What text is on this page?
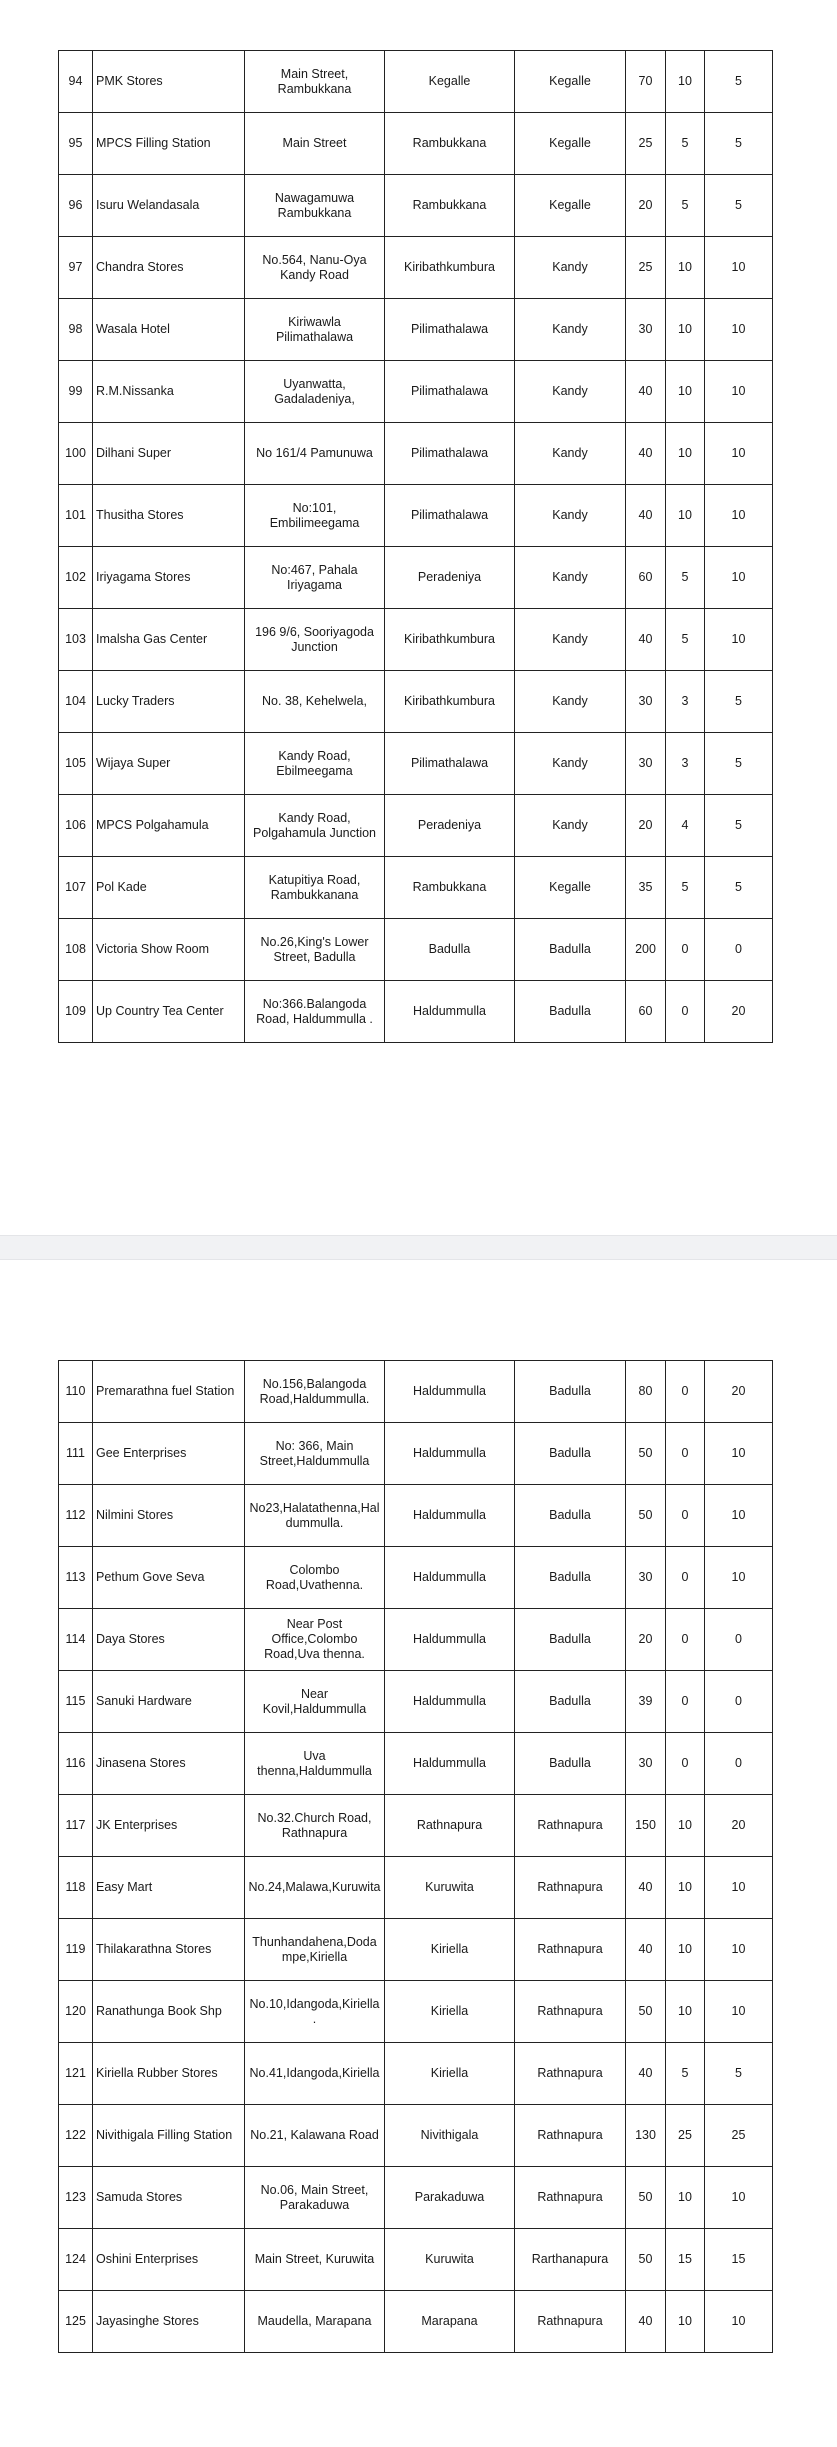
94	PMK Stores	Main Street, Rambukkana	Kegalle	Kegalle	70	10	5
95	MPCS Filling Station	Main Street	Rambukkana	Kegalle	25	5	5
96	Isuru Welandasala	Nawagamuwa Rambukkana	Rambukkana	Kegalle	20	5	5
97	Chandra Stores	No.564, Nanu-Oya Kandy Road	Kiribathkumbura	Kandy	25	10	10
98	Wasala Hotel	Kiriwawla Pilimathalawa	Pilimathalawa	Kandy	30	10	10
99	R.M.Nissanka	Uyanwatta, Gadaladeniya,	Pilimathalawa	Kandy	40	10	10
100	Dilhani Super	No 161/4 Pamunuwa	Pilimathalawa	Kandy	40	10	10
101	Thusitha Stores	No:101, Embilimeegama	Pilimathalawa	Kandy	40	10	10
102	Iriyagama Stores	No:467, Pahala Iriyagama	Peradeniya	Kandy	60	5	10
103	Imalsha Gas Center	196 9/6, Sooriyagoda Junction	Kiribathkumbura	Kandy	40	5	10
104	Lucky Traders	No. 38, Kehelwela,	Kiribathkumbura	Kandy	30	3	5
105	Wijaya Super	Kandy Road, Ebilmeegama	Pilimathalawa	Kandy	30	3	5
106	MPCS Polgahamula	Kandy Road, Polgahamula Junction	Peradeniya	Kandy	20	4	5
107	Pol Kade	Katupitiya Road, Rambukkanana	Rambukkana	Kegalle	35	5	5
108	Victoria Show Room	No.26,King's Lower Street, Badulla	Badulla	Badulla	200	0	0
109	Up Country Tea Center	No:366.Balangoda Road, Haldummulla .	Haldummulla	Badulla	60	0	20
110	Premarathna fuel Station	No.156,Balangoda Road,Haldummulla.	Haldummulla	Badulla	80	0	20
111	Gee Enterprises	No: 366, Main Street,Haldummulla	Haldummulla	Badulla	50	0	10
112	Nilmini Stores	No23,Halatathenna,Haldummulla.	Haldummulla	Badulla	50	0	10
113	Pethum Gove Seva	Colombo Road,Uvathenna.	Haldummulla	Badulla	30	0	10
114	Daya Stores	Near Post Office,Colombo Road,Uva thenna.	Haldummulla	Badulla	20	0	0
115	Sanuki Hardware	Near Kovil,Haldummulla	Haldummulla	Badulla	39	0	0
116	Jinasena Stores	Uva thenna,Haldummulla	Haldummulla	Badulla	30	0	0
117	JK Enterprises	No.32.Church Road, Rathnapura	Rathnapura	Rathnapura	150	10	20
118	Easy Mart	No.24,Malawa,Kuruwita	Kuruwita	Rathnapura	40	10	10
119	Thilakarathna Stores	Thunhandahena,Dodampe,Kiriella	Kiriella	Rathnapura	40	10	10
120	Ranathunga Book Shp	No.10,Idangoda,Kiriella.	Kiriella	Rathnapura	50	10	10
121	Kiriella Rubber Stores	No.41,Idangoda,Kiriella	Kiriella	Rathnapura	40	5	5
122	Nivithigala Filling Station	No.21, Kalawana Road	Nivithigala	Rathnapura	130	25	25
123	Samuda Stores	No.06, Main Street, Parakaduwa	Parakaduwa	Rathnapura	50	10	10
124	Oshini Enterprises	Main Street, Kuruwita	Kuruwita	Rarthanapura	50	15	15
125	Jayasinghe Stores	Maudella, Marapana	Marapana	Rathnapura	40	10	10
